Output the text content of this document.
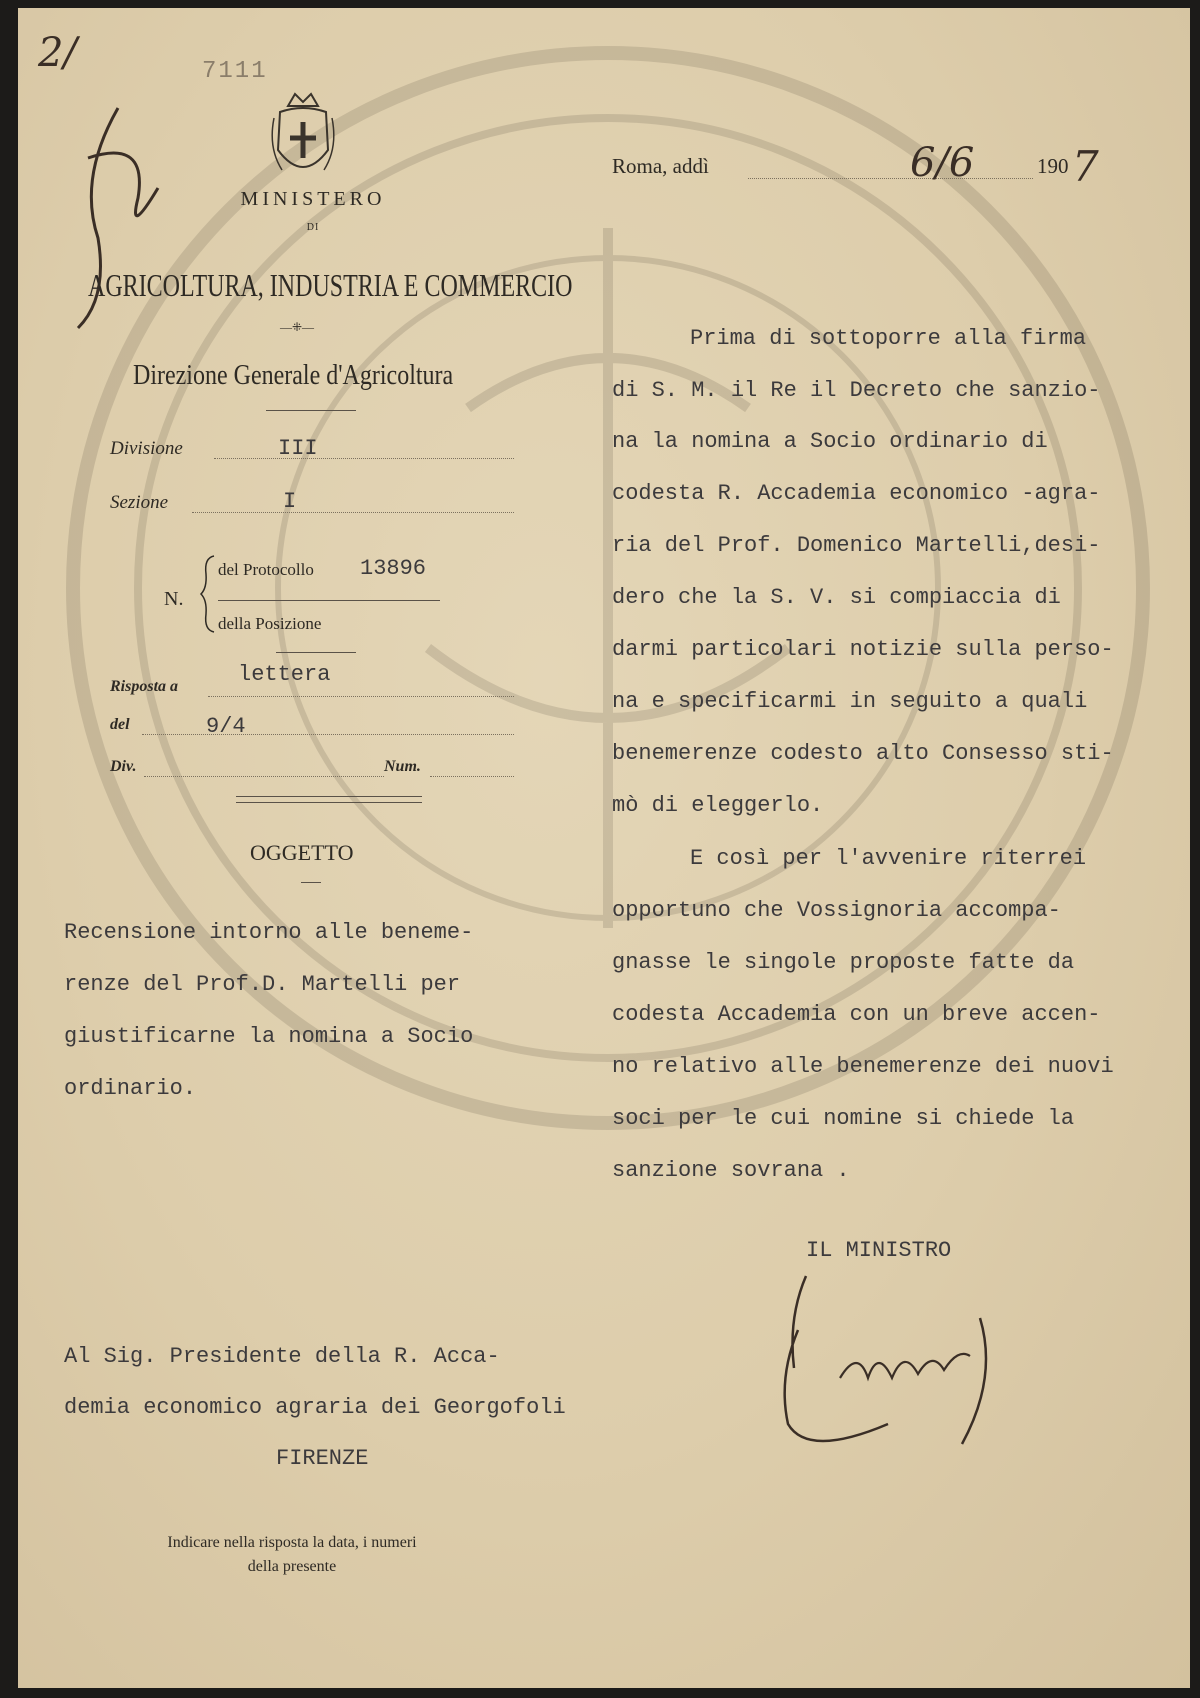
2/	7111
MINISTERO
DI
AGRICOLTURA, INDUSTRIA E COMMERCIO
—⁜—
Direzione Generale d'Agricoltura
Divisione	III
Sezione	I
N.
del Protocollo 13896
della Posizione
Risposta a	lettera
del	9/4
Div.	Num.
OGGETTO
Recensione intorno alle beneme-
renze del Prof.D. Martelli per
giustificarne la nomina a Socio
ordinario.
Roma, addì	6/6	190 7
Prima di sottoporre alla firma
di S. M. il Re il Decreto che sanzio-
na la nomina a Socio ordinario di
codesta R. Accademia economico -agra-
ria del Prof. Domenico Martelli,desi-
dero che la S. V. si compiaccia di
darmi particolari notizie sulla perso-
na e specificarmi in seguito a quali
benemerenze codesto alto Consesso sti-
mò di eleggerlo.
E così per l'avvenire riterrei
opportuno che Vossignoria accompa-
gnasse le singole proposte fatte da
codesta Accademia con un breve accen-
no relativo alle benemerenze dei nuovi
soci per le cui nomine si chiede la
sanzione sovrana .
IL MINISTRO
Al Sig. Presidente della R. Acca-
demia economico agraria dei Georgofoli
FIRENZE
Indicare nella risposta la data, i numeri
della presente
